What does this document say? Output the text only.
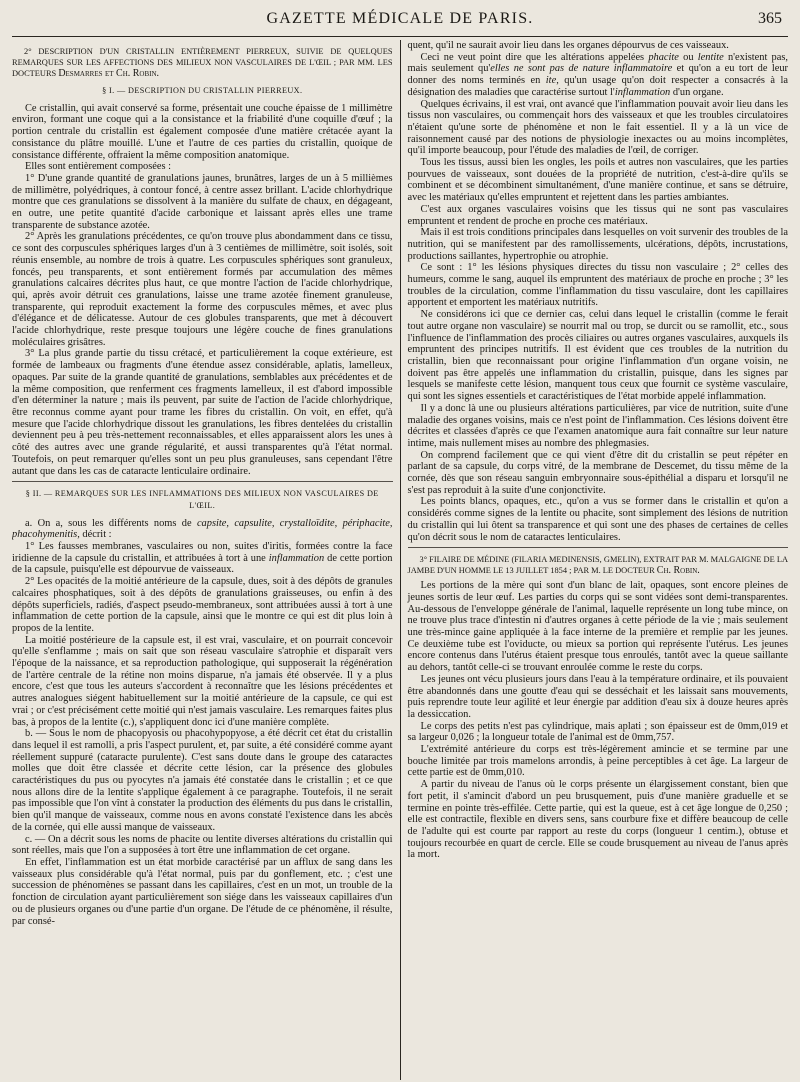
GAZETTE MÉDICALE DE PARIS.	365
2° DESCRIPTION D'UN CRISTALLIN ENTIÈREMENT PIERREUX, SUIVIE DE QUELQUES REMARQUES SUR LES AFFECTIONS DES MILIEUX NON VASCULAIRES DE L'ŒIL ; PAR MM. LES DOCTEURS Desmarres et Ch. Robin.
§ I. — DESCRIPTION DU CRISTALLIN PIERREUX.

Ce cristallin, qui avait conservé sa forme, présentait une couche épaisse de 1 millimètre environ, formant une coque qui a la consistance et la friabilité d'une coquille d'œuf ; la portion centrale du cristallin est également composée d'une matière crétacée ayant la consistance du plâtre mouillé. L'une et l'autre de ces parties du cristallin, quoique de consistance différente, offraient la même composition anatomique.

Elles sont entièrement composées :

1° D'une grande quantité de granulations jaunes, brunâtres, larges de un à 5 millièmes de millimètre, polyédriques, à contour foncé, à centre assez brillant. L'acide chlorhydrique montre que ces granulations se dissolvent à la manière du sulfate de chaux, en dégageant, en outre, une petite quantité d'acide carbonique et laissant après elles une trame transparente de substance azotée.

2° Après les granulations précédentes, ce qu'on trouve plus abondamment dans ce tissu, ce sont des corpuscules sphériques larges d'un à 3 centièmes de millimètre, soit isolés, soit réunis ensemble, au nombre de trois à quatre. Les corpuscules sphériques sont granuleux, foncés, peu transparents, et sont entièrement formés par accumulation des mêmes granulations calcaires décrites plus haut, ce que montre l'action de l'acide chlorhydrique, qui, après avoir détruit ces granulations, laisse une trame azotée finement granuleuse, transparente, qui reproduit exactement la forme des corpuscules mêmes, et avec plus d'élégance et de délicatesse. Autour de ces globules transparents, que met à découvert l'acide chlorhydrique, reste presque toujours une légère couche de fines granulations moléculaires grisâtres.

3° La plus grande partie du tissu crétacé, et particulièrement la coque extérieure, est formée de lambeaux ou fragments d'une étendue assez considérable, aplatis, lamelleux, opaques. Par suite de la grande quantité de granulations, semblables aux précédentes et de la même composition, que renferment ces fragments lamelleux, il est d'abord impossible d'en déterminer la nature ; mais ils peuvent, par suite de l'action de l'acide chlorhydrique, être reconnus comme ayant pour trame les fibres du cristallin. On voit, en effet, qu'à mesure que l'acide chlorhydrique dissout les granulations, les fibres dentelées du cristallin deviennent peu à peu très-nettement reconnaissables, et elles apparaissent alors les unes à côté des autres avec une grande régularité, et aussi transparentes qu'à l'état normal. Toutefois, on peut remarquer qu'elles sont un peu plus granuleuses, sans cependant l'être autant que dans les cas de cataracte lenticulaire ordinaire.

§ II. — REMARQUES SUR LES INFLAMMATIONS DES MILIEUX NON VASCULAIRES DE L'ŒIL.

a. On a, sous les différents noms de capsite, capsulite, crystalloïdite, périphacite, phacohymenitis, décrit :

1° Les fausses membranes, vasculaires ou non, suites d'iritis, formées contre la face iridienne de la capsule du cristallin, et attribuées à tort à une inflammation de cette portion de la capsule, puisqu'elle est dépourvue de vaisseaux.

2° Les opacités de la moitié antérieure de la capsule, dues, soit à des dépôts de granules calcaires phosphatiques, soit à des dépôts de granulations graisseuses, ou enfin à des dépôts superficiels, radiés, d'aspect pseudo-membraneux, sont attribuées aussi à tort à une inflammation de cette portion de la capsule, ainsi que le montre ce qui est dit plus loin à propos de la lentite.

La moitié postérieure de la capsule est, il est vrai, vasculaire, et on pourrait concevoir qu'elle s'enflamme ; mais on sait que son réseau vasculaire s'atrophie et disparaît vers l'époque de la naissance, et sa reproduction pathologique, qui supposerait la régénération de l'artère centrale de la rétine non moins disparue, n'a jamais été observée. Il y a plus encore, c'est que tous les auteurs s'accordent à reconnaître que les lésions précédentes et autres analogues siégent habituellement sur la moitié antérieure de la capsule, ce qui est vrai ; or c'est précisément cette moitié qui n'est jamais vasculaire. Les remarques faites plus bas, à propos de la lentite (c.), s'appliquent donc ici d'une manière complète.

b. — Sous le nom de phacopyosis ou phacohypopyose, a été décrit cet état du cristallin dans lequel il est ramolli, a pris l'aspect purulent, et, par suite, a été considéré comme ayant réellement suppuré (cataracte purulente). C'est sans doute dans le groupe des cataractes molles que doit être classée et décrite cette lésion, car la présence des globules caractéristiques du pus ou pyocytes n'a jamais été constatée dans le cristallin ; et ce que nous allons dire de la lentite s'applique également à ce paragraphe. Toutefois, il ne serait pas impossible que l'on vînt à constater la production des éléments du pus dans le cristallin, bien qu'il manque de vaisseaux, comme nous en avons constaté l'existence dans les abcès de la cornée, qui elle aussi manque de vaisseaux.

c. — On a décrit sous les noms de phacite ou lentite diverses altérations du cristallin qui sont réelles, mais que l'on a supposées à tort être une inflammation de cet organe.

En effet, l'inflammation est un état morbide caractérisé par un afflux de sang dans les vaisseaux plus considérable qu'à l'état normal, puis par du gonflement, etc. ; c'est une succession de phénomènes se passant dans les capillaires, c'est en un mot, un trouble de la fonction de circulation ayant particulièrement son siége dans les vaisseaux capillaires d'un ou de plusieurs organes ou d'une partie d'un organe. De l'étude de ce phénomène, il résulte, par consé-

quent, qu'il ne saurait avoir lieu dans les organes dépourvus de ces vaisseaux.

Ceci ne veut point dire que les altérations appelées phacite ou lentite n'existent pas, mais seulement qu'elles ne sont pas de nature inflammatoire et qu'on a eu tort de leur donner des noms terminés en ite, qu'un usage qu'on doit respecter a consacrés à la désignation des maladies que caractérise surtout l'inflammation d'un organe.

Quelques écrivains, il est vrai, ont avancé que l'inflammation pouvait avoir lieu dans les tissus non vasculaires, ou commençait hors des vaisseaux et que les troubles circulatoires n'étaient qu'une sorte de phénomène et non le fait essentiel. Il y a là un vice de raisonnement causé par des notions de physiologie inexactes ou au moins incomplètes, qu'il importe beaucoup, pour l'étude des maladies de l'œil, de corriger.

Tous les tissus, aussi bien les ongles, les poils et autres non vasculaires, que les parties pourvues de vaisseaux, sont douées de la propriété de nutrition, c'est-à-dire qu'ils se combinent et se décombinent simultanément, d'une manière continue, et sans se détruire, avec les matériaux qu'elles empruntent et rejettent dans les parties ambiantes.

C'est aux organes vasculaires voisins que les tissus qui ne sont pas vasculaires empruntent et rendent de proche en proche ces matériaux.

Mais il est trois conditions principales dans lesquelles on voit survenir des troubles de la nutrition, qui se manifestent par des ramollissements, ulcérations, dépôts, incrustations, productions saillantes, hypertrophie ou atrophie.

Ce sont : 1° les lésions physiques directes du tissu non vasculaire ; 2° celles des humeurs, comme le sang, auquel ils empruntent des matériaux de proche en proche ; 3° les troubles de la circulation, comme l'inflammation du tissu vasculaire, dont les capillaires apportent et emportent les matériaux nutritifs.

Ne considérons ici que ce dernier cas, celui dans lequel le cristallin (comme le ferait tout autre organe non vasculaire) se nourrit mal ou trop, se durcit ou se ramollit, etc., sous l'influence de l'inflammation des procès ciliaires ou autres organes vasculaires, auxquels ils empruntent des principes nutritifs. Il est évident que ces troubles de la nutrition du cristallin, bien que reconnaissant pour origine l'inflammation d'un organe voisin, ne doivent pas être appelés une inflammation du cristallin, puisque, dans les signes par lesquels se manifeste cette lésion, manquent tous ceux que fournit ce système vasculaire, qui sont les signes essentiels et caractéristiques de l'état morbide appelé inflammation.

Il y a donc là une ou plusieurs altérations particulières, par vice de nutrition, suite d'une maladie des organes voisins, mais ce n'est point de l'inflammation. Ces lésions doivent être décrites et classées d'après ce que l'examen anatomique aura fait connaître sur leur nature intime, mais nullement mises au nombre des phlegmasies.

On comprend facilement que ce qui vient d'être dit du cristallin se peut répéter en parlant de sa capsule, du corps vitré, de la membrane de Descemet, du tissu même de la cornée, dès que son réseau sanguin embryonnaire sous-épithélial a disparu et lorsqu'il ne s'est pas reproduit à la suite d'une conjonctivite.

Les points blancs, opaques, etc., qu'on a vus se former dans le cristallin et qu'on a considérés comme signes de la lentite ou phacite, sont simplement des lésions de nutrition du cristallin qui lui ôtent sa transparence et qui sont une des phases de certaines de celles qu'on décrit sous le nom de cataractes lenticulaires.

3° FILAIRE DE MÉDINE (FILARIA MEDINENSIS, GMELIN), EXTRAIT PAR M. MALGAIGNE DE LA JAMBE D'UN HOMME LE 13 JUILLET 1854 ; PAR M. LE DOCTEUR Ch. Robin.

Les portions de la mère qui sont d'un blanc de lait, opaques, sont encore pleines de jeunes sortis de leur œuf. Les parties du corps qui se sont vidées sont demi-transparentes. Au-dessous de l'enveloppe générale de l'animal, laquelle représente un long tube mince, on ne trouve plus trace d'intestin ni d'autres organes à cette période de la vie ; mais seulement une très-mince gaine appliquée à la face interne de la première et remplie par les jeunes. Ce deuxième tube est l'oviducte, ou mieux sa portion qui représente l'utérus. Les jeunes encore contenus dans l'utérus étaient presque tous enroulés, tantôt avec la queue saillante au dehors, tantôt celle-ci se trouvant enroulée comme le reste du corps.

Les jeunes ont vécu plusieurs jours dans l'eau à la température ordinaire, et ils pouvaient être abandonnés dans une goutte d'eau qui se desséchait et les laissait sans mouvements, puis reprendre toute leur agilité et leur énergie par addition d'eau six à douze heures après la dessiccation.

Le corps des petits n'est pas cylindrique, mais aplati ; son épaisseur est de 0mm,019 et sa largeur 0,026 ; la longueur totale de l'animal est de 0mm,757.

L'extrémité antérieure du corps est très-légèrement amincie et se termine par une bouche limitée par trois mamelons arrondis, à peine perceptibles à cet âge. La largeur de cette partie est de 0mm,010.

A partir du niveau de l'anus où le corps présente un élargissement constant, bien que fort petit, il s'amincit d'abord un peu brusquement, puis d'une manière graduelle et se termine en pointe très-effilée. Cette partie, qui est la queue, est à cet âge longue de 0,250 ; elle est contractile, flexible en divers sens, sans courbure fixe et diffère beaucoup de celle de l'adulte qui est courte par rapport au reste du corps (longueur 1 centim.), obtuse et toujours recourbée en quart de cercle. Elle se coude brusquement au niveau de l'anus après la mort.
